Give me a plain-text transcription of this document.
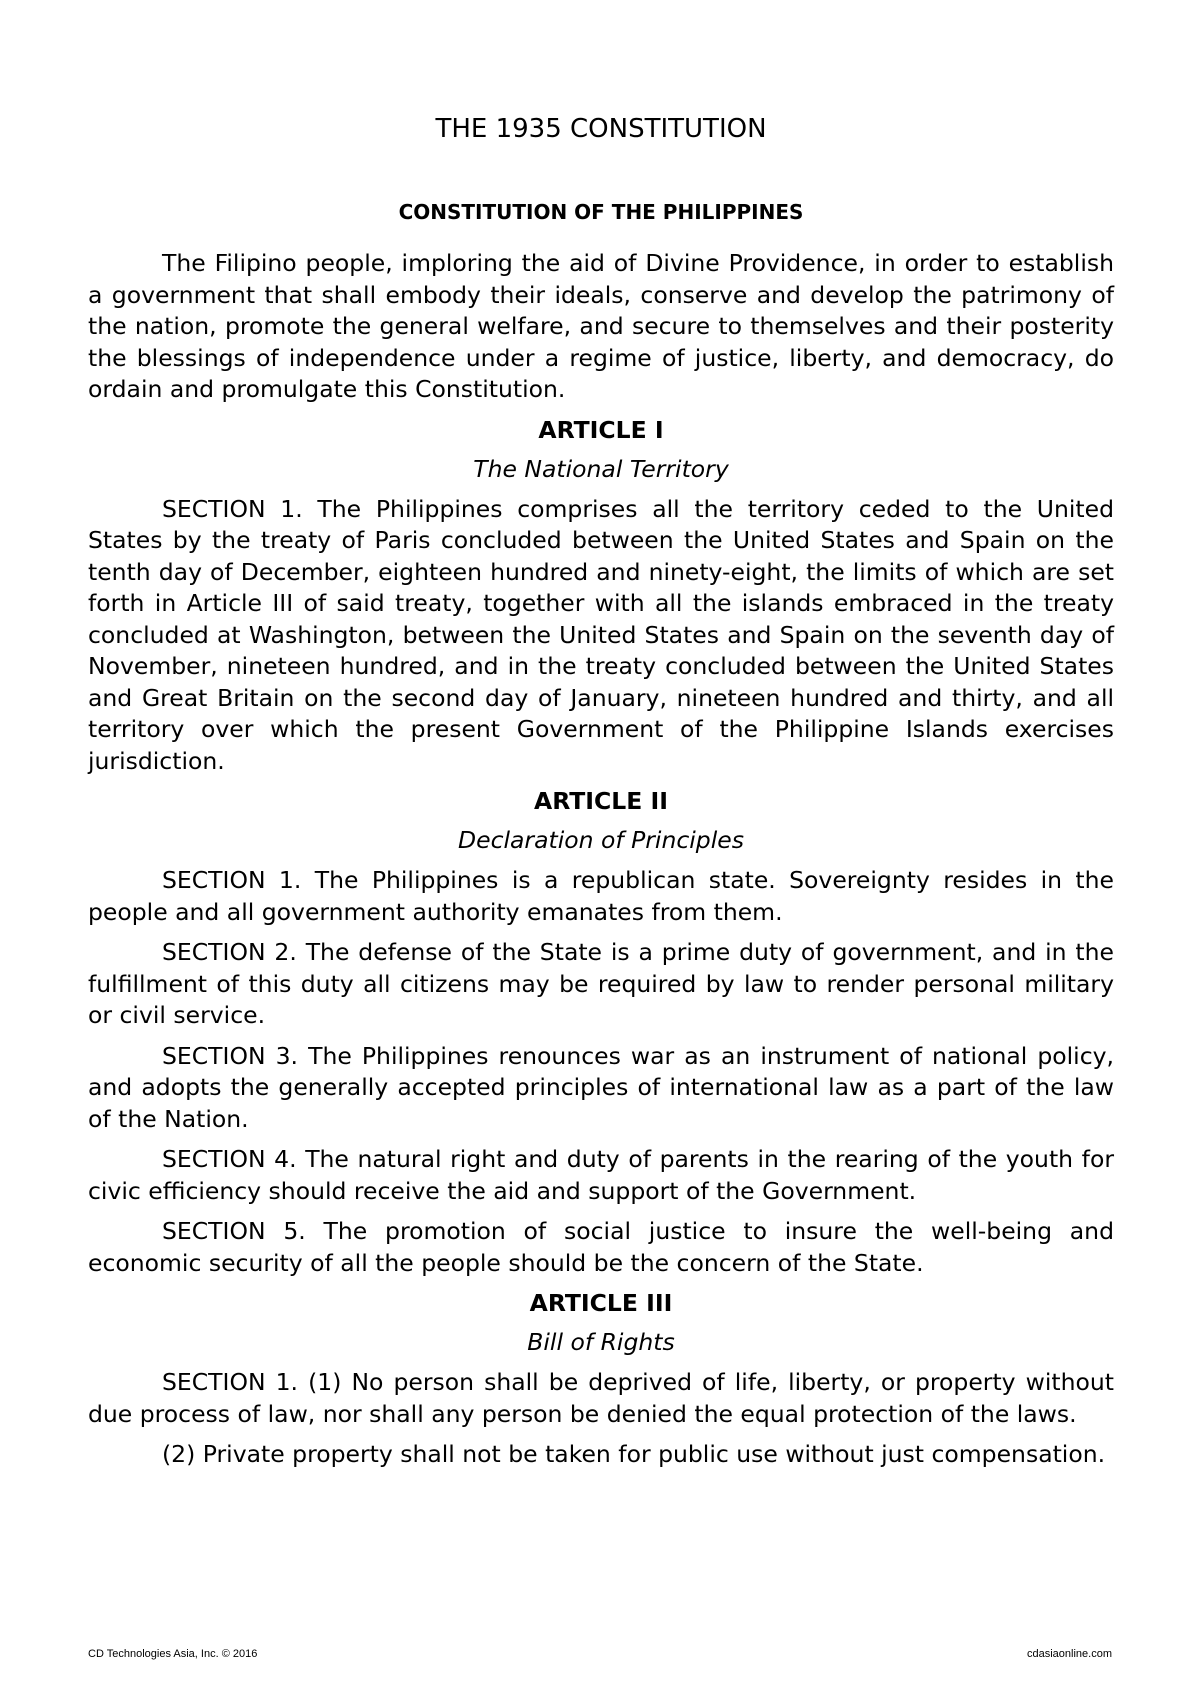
THE 1935 CONSTITUTION
CONSTITUTION OF THE PHILIPPINES

The Filipino people, imploring the aid of Divine Providence, in order to establish a government that shall embody their ideals, conserve and develop the patrimony of the nation, promote the general welfare, and secure to themselves and their posterity the blessings of independence under a regime of justice, liberty, and democracy, do ordain and promulgate this Constitution.

ARTICLE I
The National Territory

SECTION 1. The Philippines comprises all the territory ceded to the United States by the treaty of Paris concluded between the United States and Spain on the tenth day of December, eighteen hundred and ninety-eight, the limits of which are set forth in Article III of said treaty, together with all the islands embraced in the treaty concluded at Washington, between the United States and Spain on the seventh day of November, nineteen hundred, and in the treaty concluded between the United States and Great Britain on the second day of January, nineteen hundred and thirty, and all territory over which the present Government of the Philippine Islands exercises jurisdiction.

ARTICLE II
Declaration of Principles

SECTION 1. The Philippines is a republican state. Sovereignty resides in the people and all government authority emanates from them.

SECTION 2. The defense of the State is a prime duty of government, and in the fulfillment of this duty all citizens may be required by law to render personal military or civil service.

SECTION 3. The Philippines renounces war as an instrument of national policy, and adopts the generally accepted principles of international law as a part of the law of the Nation.

SECTION 4. The natural right and duty of parents in the rearing of the youth for civic efficiency should receive the aid and support of the Government.

SECTION 5. The promotion of social justice to insure the well-being and economic security of all the people should be the concern of the State.

ARTICLE III
Bill of Rights

SECTION 1. (1) No person shall be deprived of life, liberty, or property without due process of law, nor shall any person be denied the equal protection of the laws.

(2) Private property shall not be taken for public use without just compensation.

CD Technologies Asia, Inc. © 2016	cdasiaonline.com
